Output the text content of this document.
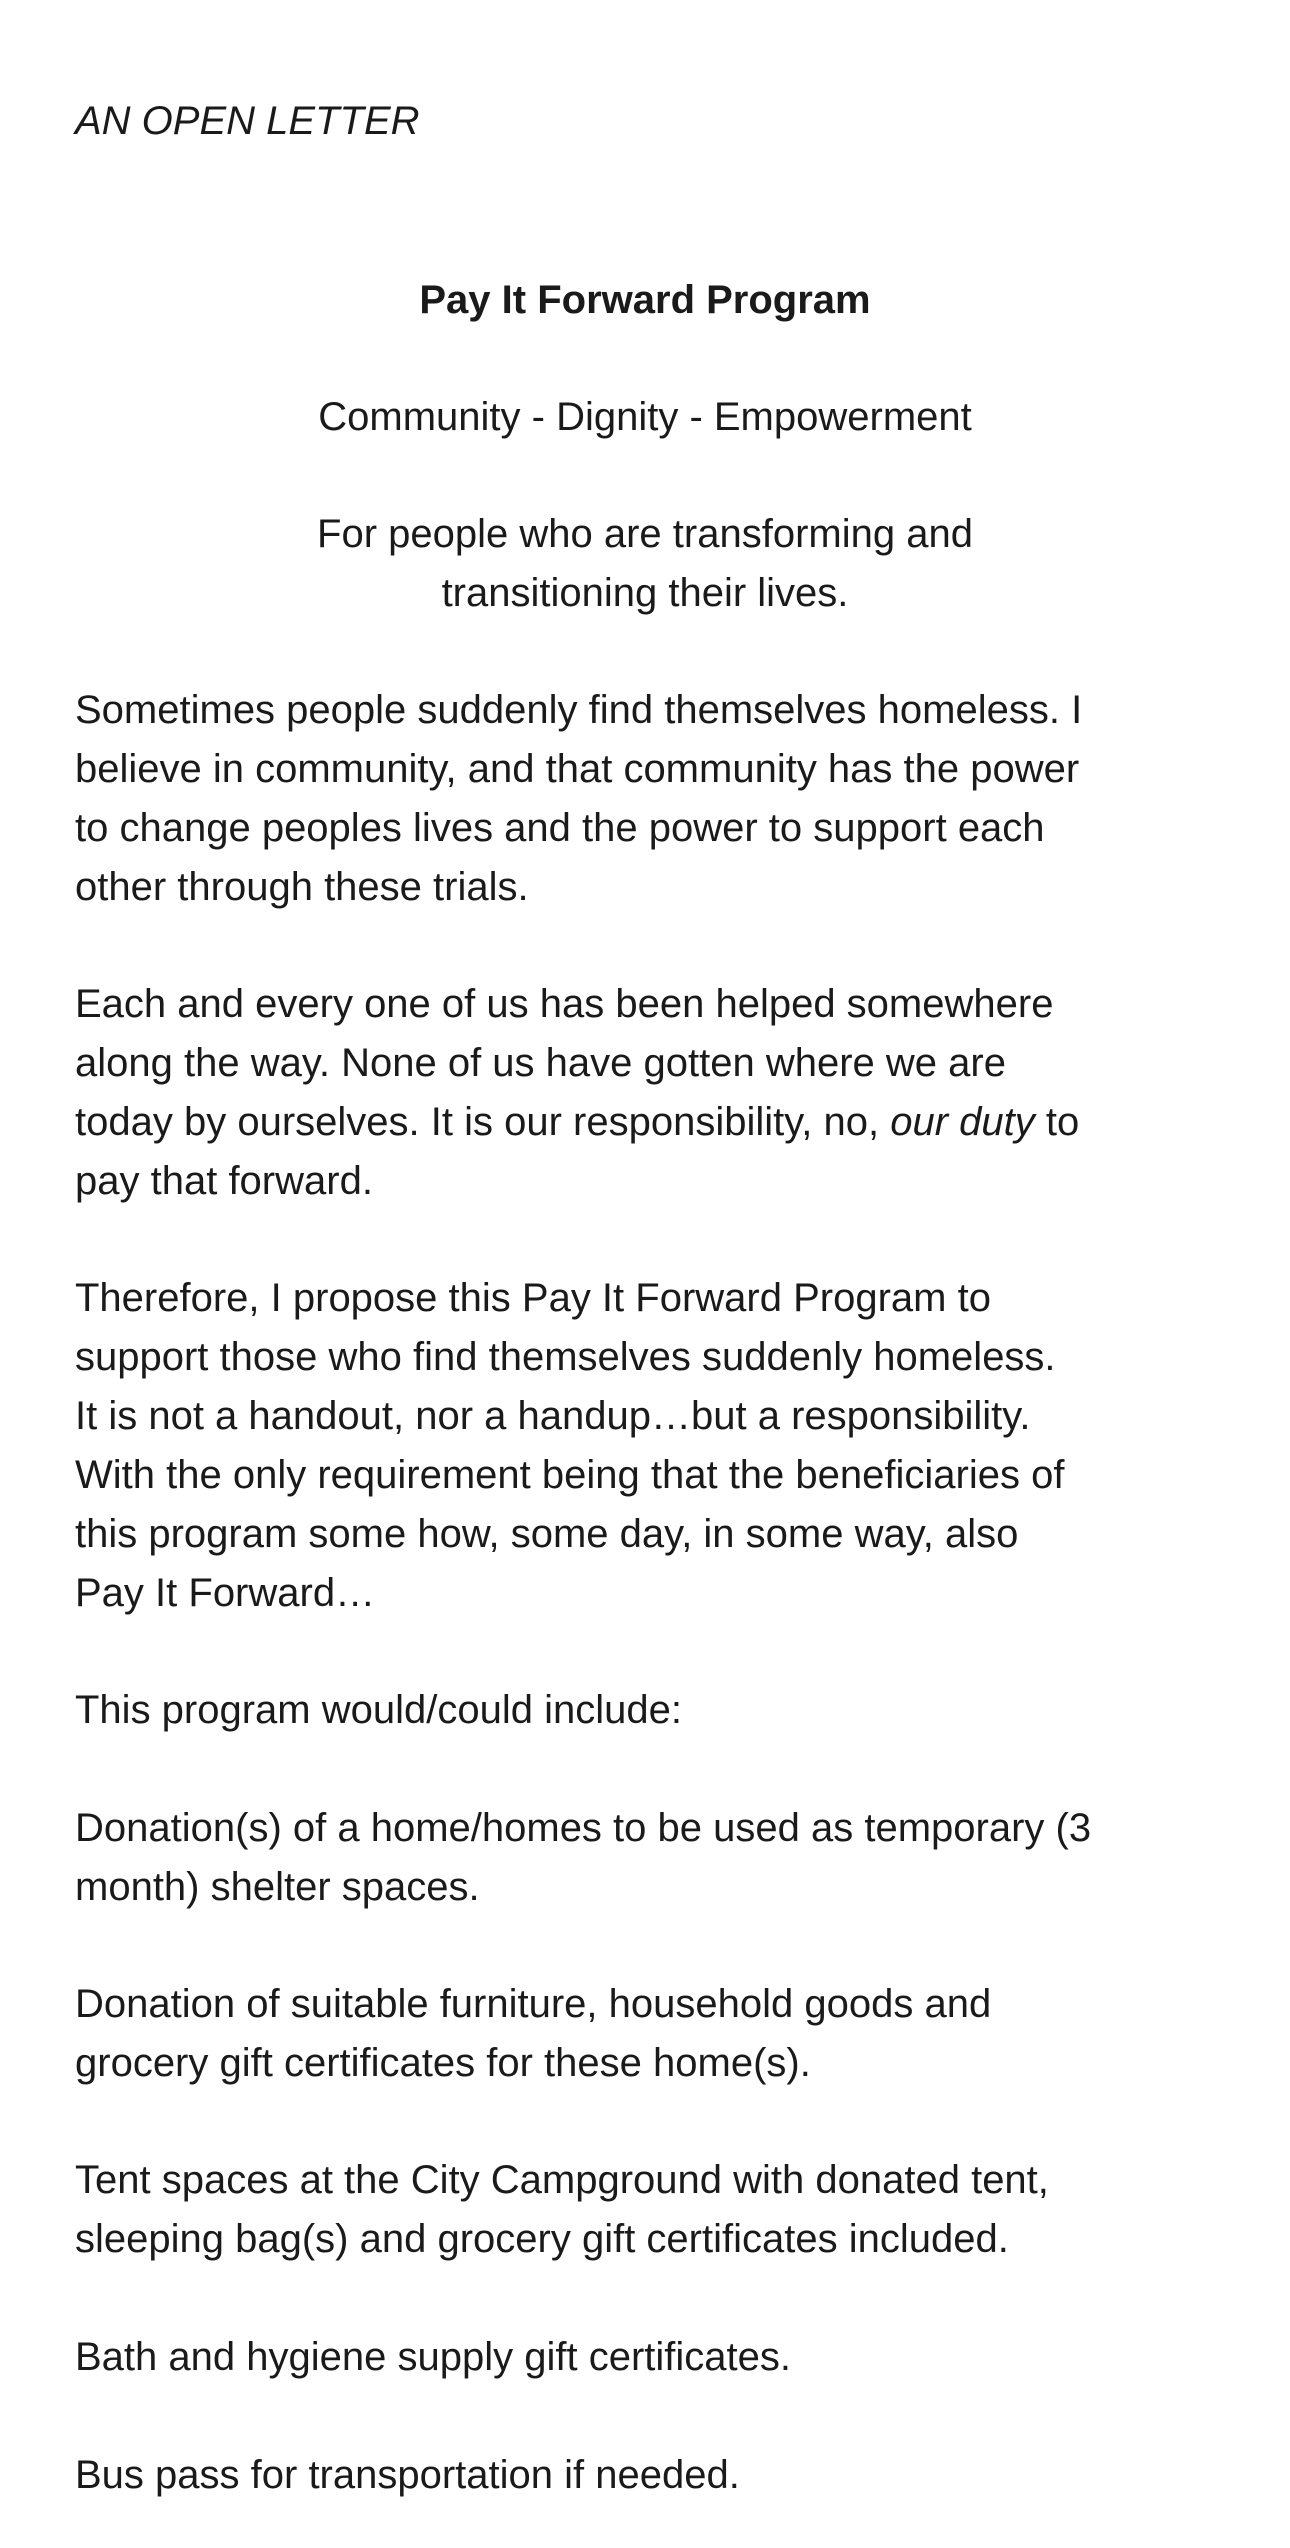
AN OPEN LETTER
Pay It Forward Program
Community - Dignity - Empowerment
For people who are transforming and
transitioning their lives.
Sometimes people suddenly find themselves homeless. I
believe in community, and that community has the power
to change peoples lives and the power to support each
other through these trials.
Each and every one of us has been helped somewhere
along the way. None of us have gotten where we are
today by ourselves. It is our responsibility, no, our duty to
pay that forward.
Therefore, I propose this Pay It Forward Program to
support those who find themselves suddenly homeless.
It is not a handout, nor a handup…but a responsibility.
With the only requirement being that the beneficiaries of
this program some how, some day, in some way, also
Pay It Forward…
This program would/could include:
Donation(s) of a home/homes to be used as temporary (3
month) shelter spaces.
Donation of suitable furniture, household goods and
grocery gift certificates for these home(s).
Tent spaces at the City Campground with donated tent,
sleeping bag(s) and grocery gift certificates included.
Bath and hygiene supply gift certificates.
Bus pass for transportation if needed.
